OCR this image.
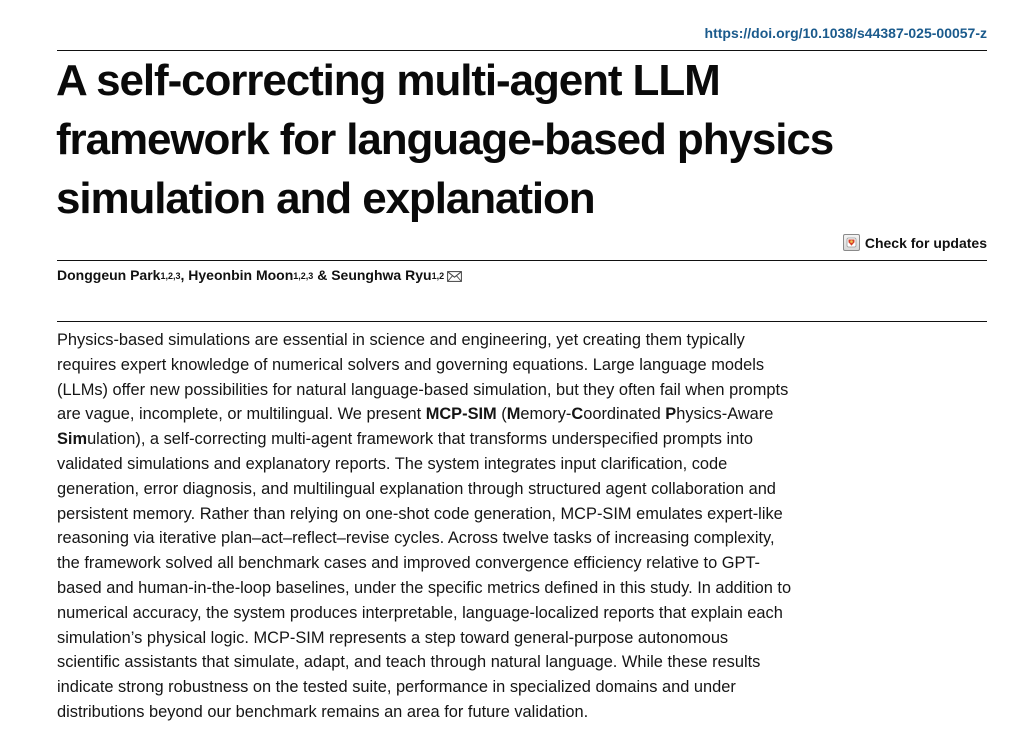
https://doi.org/10.1038/s44387-025-00057-z
A self-correcting multi-agent LLM
framework for language-based physics
simulation and explanation
Check for updates
Donggeun Park$^{1,2,3}$ , Hyeonbin Moon$^{1,2,3}$ & Seunghwa Ryu$^{1,2}$
Physics-based simulations are essential in science and engineering, yet creating them typically
requires expert knowledge of numerical solvers and governing equations. Large language models
(LLMs) offer new possibilities for natural language-based simulation, but they often fail when prompts
are vague, incomplete, or multilingual. We present MCP-SIM (Memory-Coordinated Physics-Aware
Simulation), a self-correcting multi-agent framework that transforms underspecified prompts into
validated simulations and explanatory reports. The system integrates input clarification, code
generation, error diagnosis, and multilingual explanation through structured agent collaboration and
persistent memory. Rather than relying on one-shot code generation, MCP-SIM emulates expert-like
reasoning via iterative plan–act–reflect–revise cycles. Across twelve tasks of increasing complexity,
the framework solved all benchmark cases and improved convergence efficiency relative to GPT-
based and human-in-the-loop baselines, under the specific metrics defined in this study. In addition to
numerical accuracy, the system produces interpretable, language-localized reports that explain each
simulation’s physical logic. MCP-SIM represents a step toward general-purpose autonomous
scientific assistants that simulate, adapt, and teach through natural language. While these results
indicate strong robustness on the tested suite, performance in specialized domains and under
distributions beyond our benchmark remains an area for future validation.
